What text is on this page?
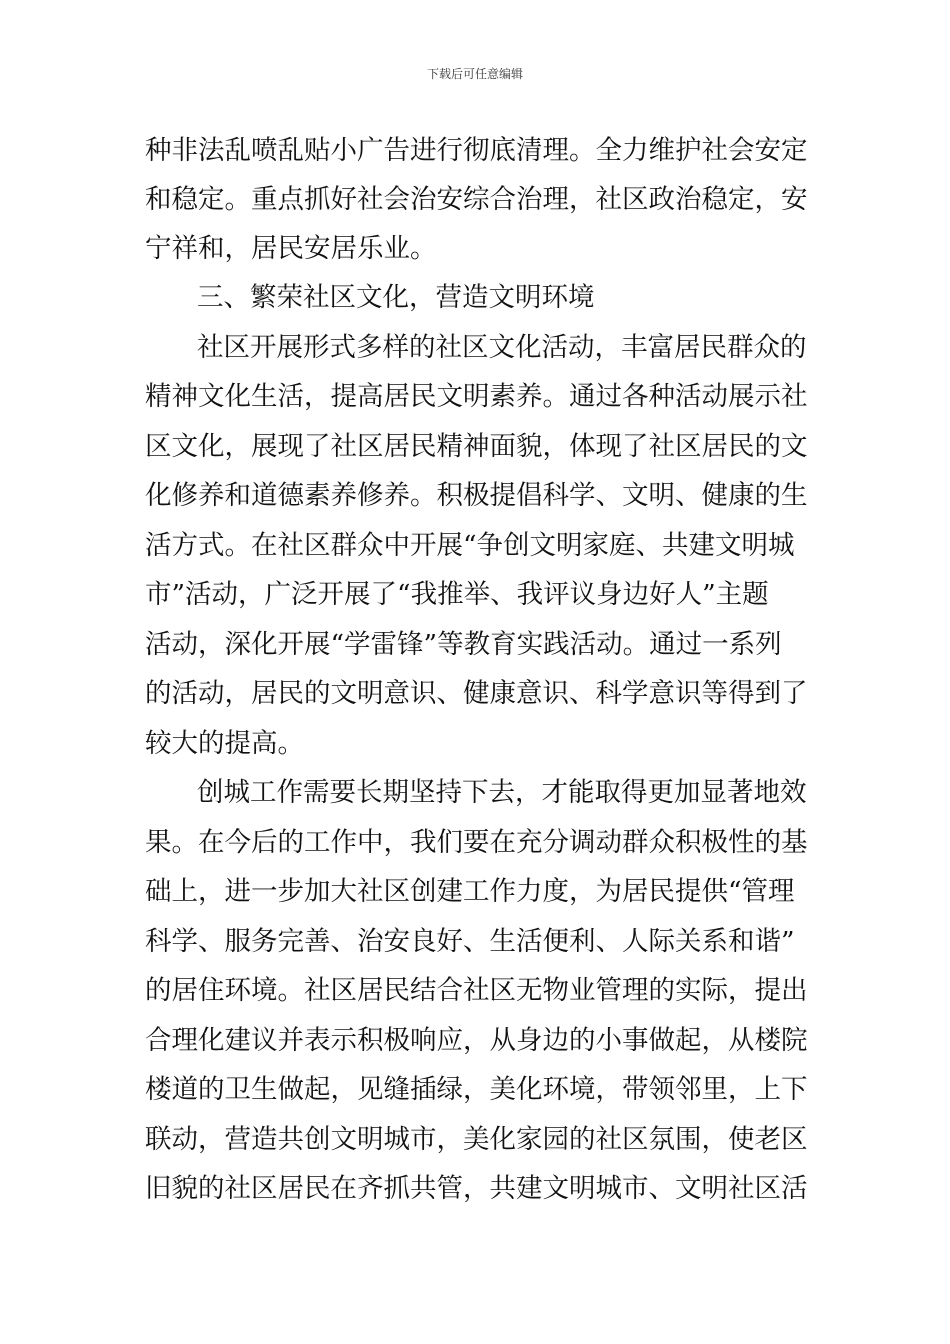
下载后可任意编辑
种非法乱喷乱贴小广告进行彻底清理。全力维护社会安定
和稳定。重点抓好社会治安综合治理，社区政治稳定，安
宁祥和，居民安居乐业。
三、繁荣社区文化，营造文明环境
社区开展形式多样的社区文化活动，丰富居民群众的
精神文化生活，提高居民文明素养。通过各种活动展示社
区文化，展现了社区居民精神面貌，体现了社区居民的文
化修养和道德素养修养。积极提倡科学、文明、健康的生
活方式。在社区群众中开展“争创文明家庭、共建文明城
市”活动，广泛开展了“我推举、我评议身边好人”主题
活动，深化开展“学雷锋”等教育实践活动。通过一系列
的活动，居民的文明意识、健康意识、科学意识等得到了
较大的提高。
创城工作需要长期坚持下去，才能取得更加显著地效
果。在今后的工作中，我们要在充分调动群众积极性的基
础上，进一步加大社区创建工作力度，为居民提供“管理
科学、服务完善、治安良好、生活便利、人际关系和谐”
的居住环境。社区居民结合社区无物业管理的实际，提出
合理化建议并表示积极响应，从身边的小事做起，从楼院
楼道的卫生做起，见缝插绿，美化环境，带领邻里，上下
联动，营造共创文明城市，美化家园的社区氛围，使老区
旧貌的社区居民在齐抓共管，共建文明城市、文明社区活
